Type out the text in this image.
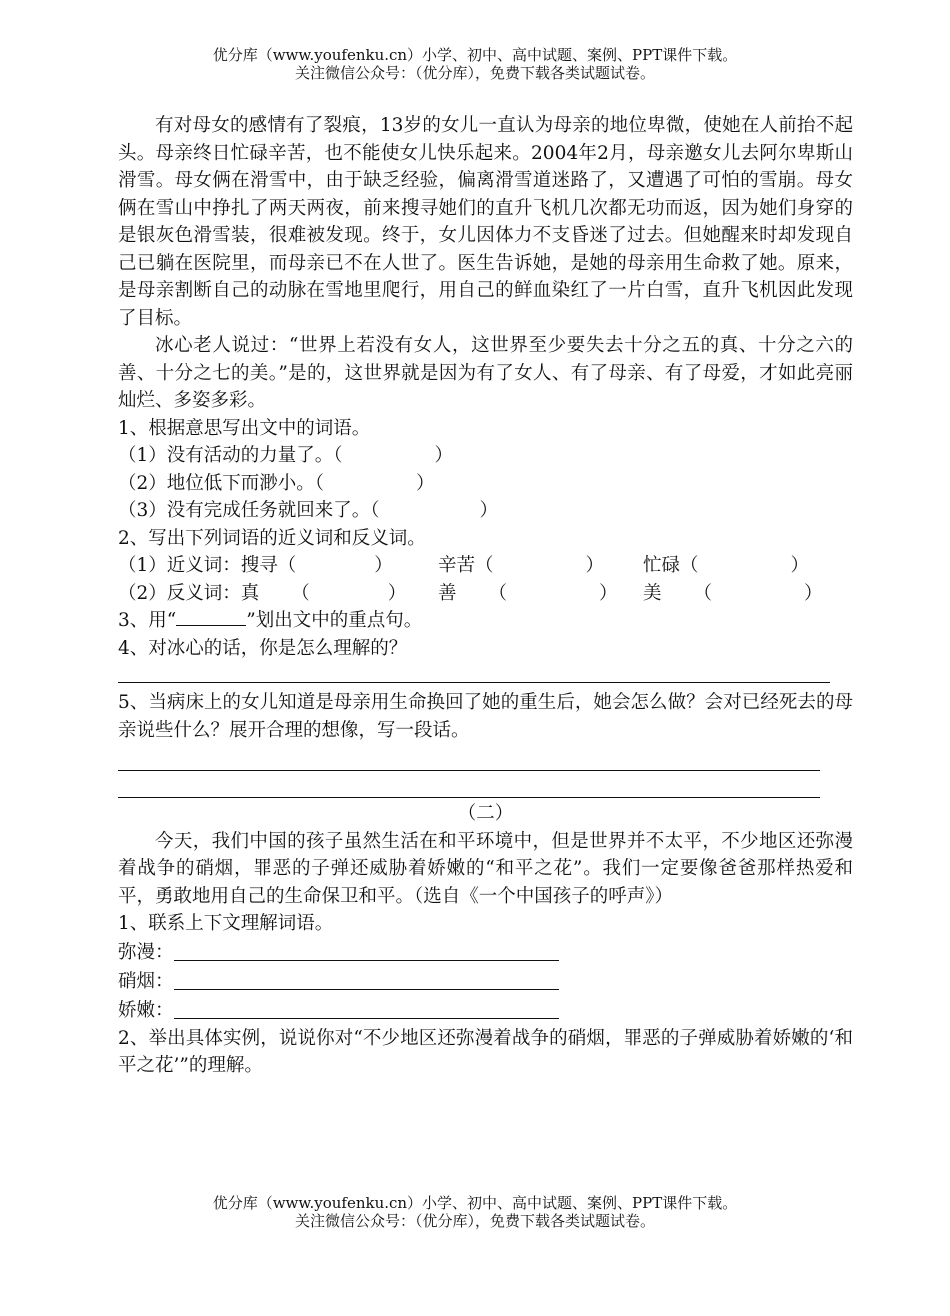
优分库（www.youfenku.cn）小学、初中、高中试题、案例、PPT课件下载。
关注微信公众号：（优分库），免费下载各类试题试卷。

有对母女的感情有了裂痕，13岁的女儿一直认为母亲的地位卑微，使她在人前抬不起头。母亲终日忙碌辛苦，也不能使女儿快乐起来。2004年2月，母亲邀女儿去阿尔卑斯山滑雪。母女俩在滑雪中，由于缺乏经验，偏离滑雪道迷路了，又遭遇了可怕的雪崩。母女俩在雪山中挣扎了两天两夜，前来搜寻她们的直升飞机几次都无功而返，因为她们身穿的是银灰色滑雪装，很难被发现。终于，女儿因体力不支昏迷了过去。但她醒来时却发现自己已躺在医院里，而母亲已不在人世了。医生告诉她，是她的母亲用生命救了她。原来，是母亲割断自己的动脉在雪地里爬行，用自己的鲜血染红了一片白雪，直升飞机因此发现了目标。

冰心老人说过：“世界上若没有女人，这世界至少要失去十分之五的真、十分之六的善、十分之七的美。”是的，这世界就是因为有了女人、有了母亲、有了母爱，才如此亮丽灿烂、多姿多彩。

1、根据意思写出文中的词语。

（1）没有活动的力量了。（	）

（2）地位低下而渺小。（	）

（3）没有完成任务就回来了。（	）

2、写出下列词语的近义词和反义词。

（1）近义词：搜寻（	）	辛苦（	）	忙碌（	）
（2）反义词：真 （	）	善 （	）	美 （	）

3、用“	”划出文中的重点句。

4、对冰心的话，你是怎么理解的？

5、当病床上的女儿知道是母亲用生命换回了她的重生后，她会怎么做？会对已经死去的母亲说些什么？展开合理的想像，写一段话。

（二）

今天，我们中国的孩子虽然生活在和平环境中，但是世界并不太平，不少地区还弥漫着战争的硝烟，罪恶的子弹还威胁着娇嫩的“和平之花”。我们一定要像爸爸那样热爱和平，勇敢地用自己的生命保卫和平。（选自《一个中国孩子的呼声》）

1、联系上下文理解词语。

弥漫：
硝烟：
娇嫩：

2、举出具体实例，说说你对“不少地区还弥漫着战争的硝烟，罪恶的子弹威胁着娇嫩的‘和平之花’”的理解。

优分库（www.youfenku.cn）小学、初中、高中试题、案例、PPT课件下载。
关注微信公众号：（优分库），免费下载各类试题试卷。
